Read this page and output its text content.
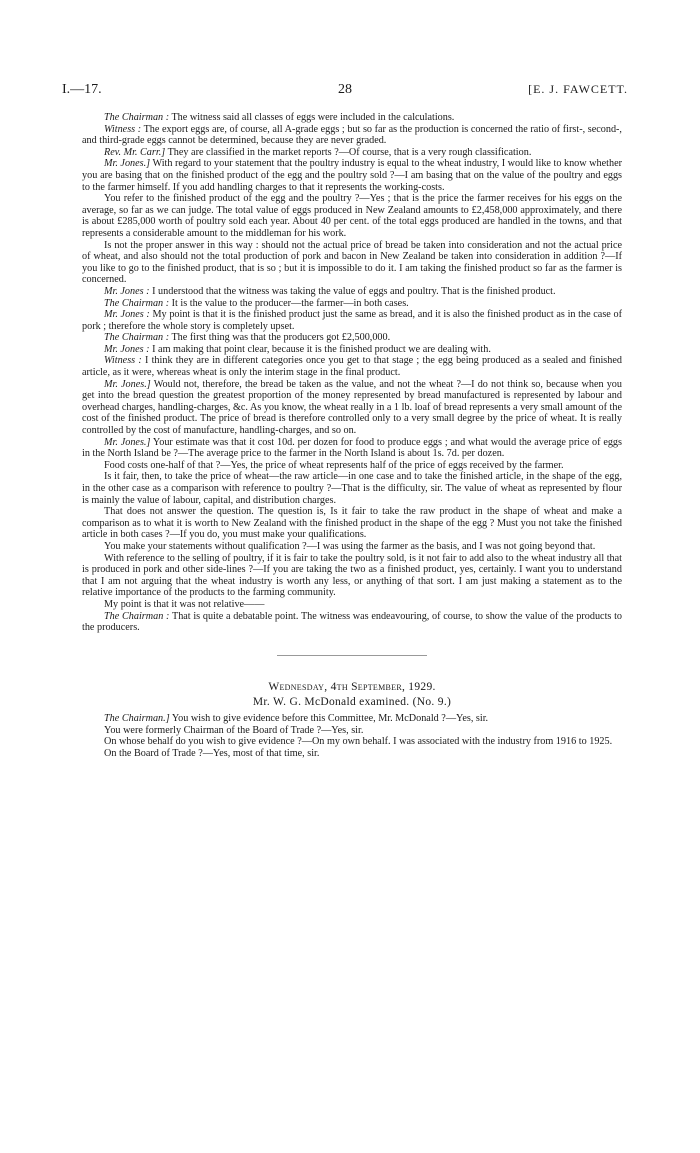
I.—17.	28	[E. J. FAWCETT.

The Chairman : The witness said all classes of eggs were included in the calculations.

Witness : The export eggs are, of course, all A-grade eggs ; but so far as the production is concerned the ratio of first-, second-, and third-grade eggs cannot be determined, because they are never graded.

Rev. Mr. Carr.] They are classified in the market reports ?—Of course, that is a very rough classification.

Mr. Jones.] With regard to your statement that the poultry industry is equal to the wheat industry, I would like to know whether you are basing that on the finished product of the egg and the poultry sold ?—I am basing that on the value of the poultry and eggs to the farmer himself. If you add handling charges to that it represents the working-costs.

You refer to the finished product of the egg and the poultry ?—Yes ; that is the price the farmer receives for his eggs on the average, so far as we can judge. The total value of eggs produced in New Zealand amounts to £2,458,000 approximately, and there is about £285,000 worth of poultry sold each year. About 40 per cent. of the total eggs produced are handled in the towns, and that represents a considerable amount to the middleman for his work.

Is not the proper answer in this way : should not the actual price of bread be taken into consideration and not the actual price of wheat, and also should not the total production of pork and bacon in New Zealand be taken into consideration in addition ?—If you like to go to the finished product, that is so ; but it is impossible to do it. I am taking the finished product so far as the farmer is concerned.

Mr. Jones : I understood that the witness was taking the value of eggs and poultry. That is the finished product.

The Chairman : It is the value to the producer—the farmer—in both cases.

Mr. Jones : My point is that it is the finished product just the same as bread, and it is also the finished product as in the case of pork ; therefore the whole story is completely upset.

The Chairman : The first thing was that the producers got £2,500,000.

Mr. Jones : I am making that point clear, because it is the finished product we are dealing with.

Witness : I think they are in different categories once you get to that stage ; the egg being produced as a sealed and finished article, as it were, whereas wheat is only the interim stage in the final product.

Mr. Jones.] Would not, therefore, the bread be taken as the value, and not the wheat ?—I do not think so, because when you get into the bread question the greatest proportion of the money represented by bread manufactured is represented by labour and overhead charges, handling-charges, &c. As you know, the wheat really in a 1 lb. loaf of bread represents a very small amount of the cost of the finished product. The price of bread is therefore controlled only to a very small degree by the price of wheat. It is really controlled by the cost of manufacture, handling-charges, and so on.

Mr. Jones.] Your estimate was that it cost 10d. per dozen for food to produce eggs ; and what would the average price of eggs in the North Island be ?—The average price to the farmer in the North Island is about 1s. 7d. per dozen.

Food costs one-half of that ?—Yes, the price of wheat represents half of the price of eggs received by the farmer.

Is it fair, then, to take the price of wheat—the raw article—in one case and to take the finished article, in the shape of the egg, in the other case as a comparison with reference to poultry ?—That is the difficulty, sir. The value of wheat as represented by flour is mainly the value of labour, capital, and distribution charges.

That does not answer the question. The question is, Is it fair to take the raw product in the shape of wheat and make a comparison as to what it is worth to New Zealand with the finished product in the shape of the egg ? Must you not take the finished article in both cases ?—If you do, you must make your qualifications.

You make your statements without qualification ?—I was using the farmer as the basis, and I was not going beyond that.

With reference to the selling of poultry, if it is fair to take the poultry sold, is it not fair to add also to the wheat industry all that is produced in pork and other side-lines ?—If you are taking the two as a finished product, yes, certainly. I want you to understand that I am not arguing that the wheat industry is worth any less, or anything of that sort. I am just making a statement as to the relative importance of the products to the farming community.

My point is that it was not relative——

The Chairman : That is quite a debatable point. The witness was endeavouring, of course, to show the value of the products to the producers.

Wednesday, 4th September, 1929.
Mr. W. G. McDonald examined. (No. 9.)

The Chairman.] You wish to give evidence before this Committee, Mr. McDonald ?—Yes, sir.

You were formerly Chairman of the Board of Trade ?—Yes, sir.

On whose behalf do you wish to give evidence ?—On my own behalf. I was associated with the industry from 1916 to 1925.

On the Board of Trade ?—Yes, most of that time, sir.
